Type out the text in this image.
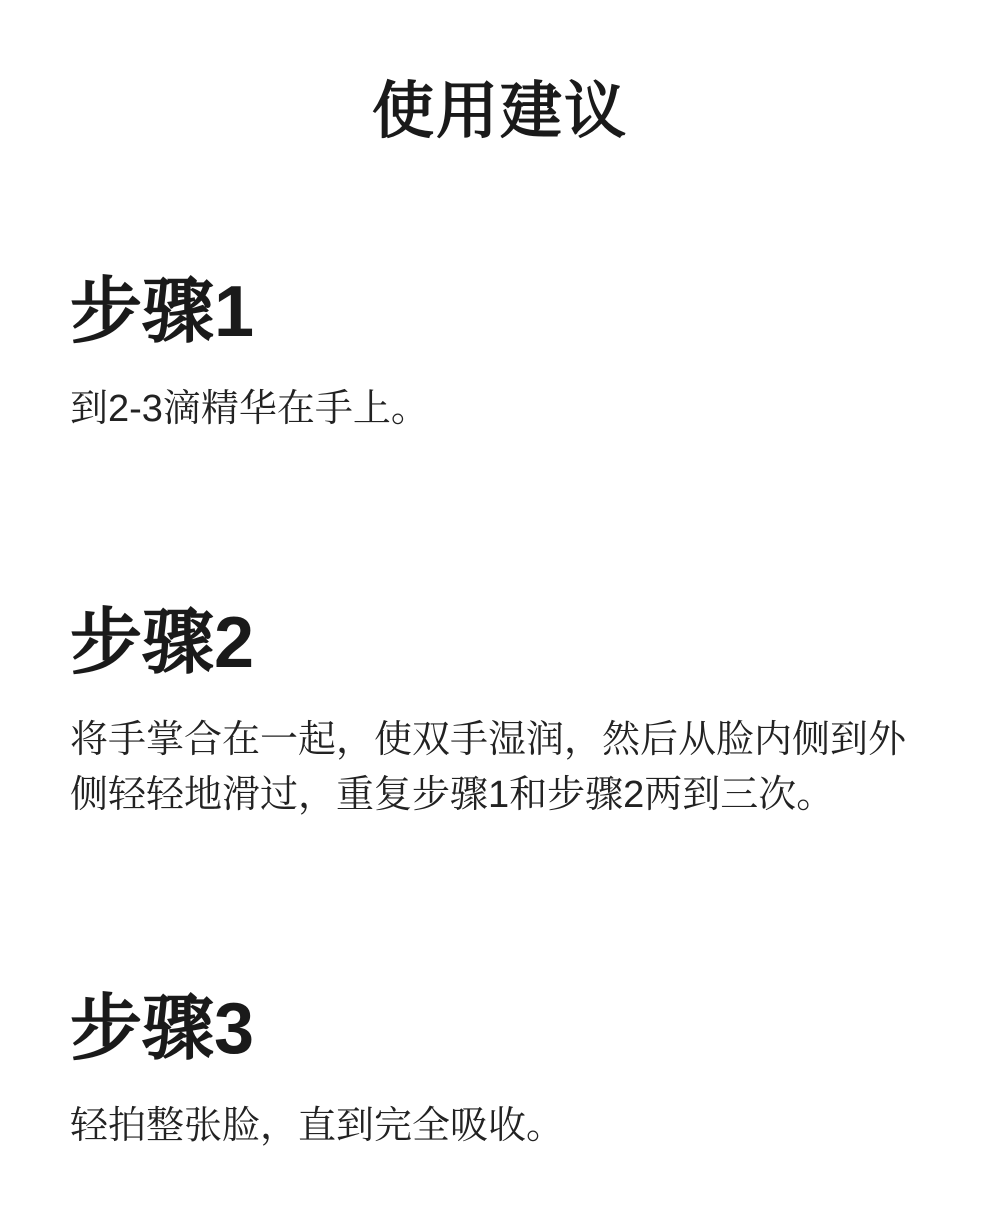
使用建议
步骤1

到2-3滴精华在手上。

步骤2

将手掌合在一起，使双手湿润，然后从脸内侧到外侧轻轻地滑过，重复步骤1和步骤2两到三次。

步骤3

轻拍整张脸，直到完全吸收。
